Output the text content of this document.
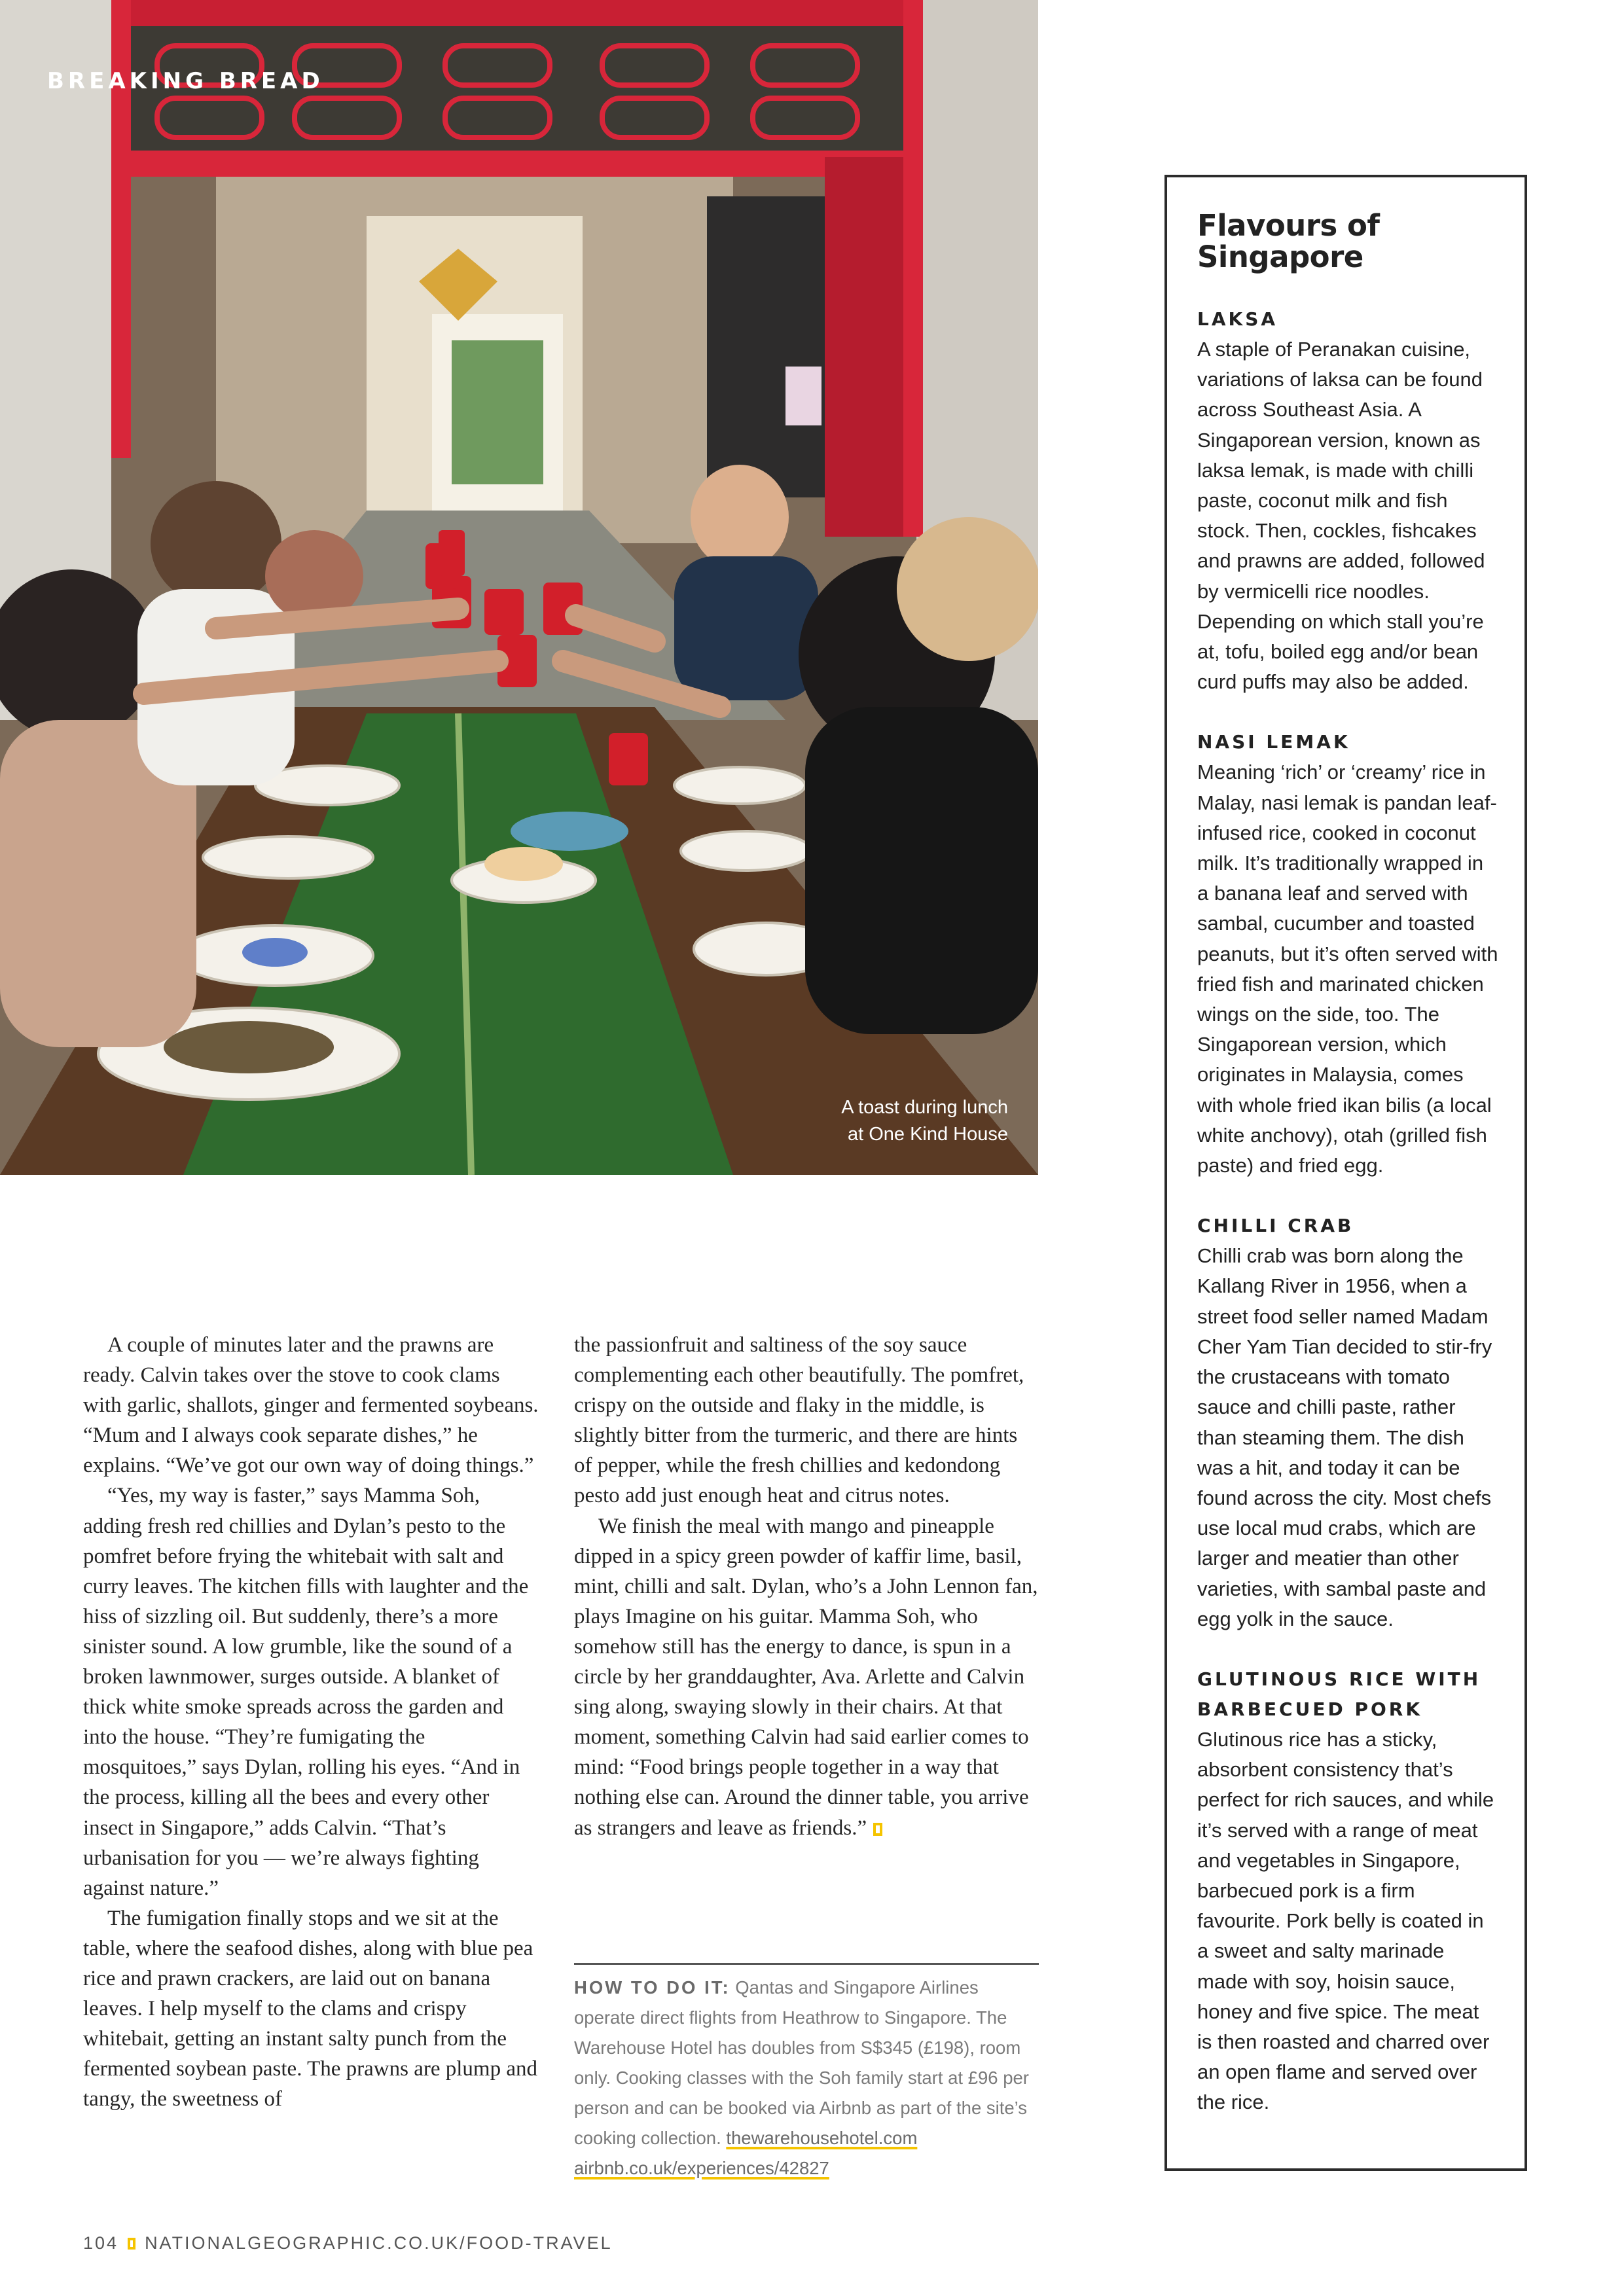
BREAKING BREAD
A toast during lunch
at One Kind House
Flavours of
Singapore
LAKSA

A staple of Peranakan cuisine, variations of laksa can be found across Southeast Asia. A Singaporean version, known as laksa lemak, is made with chilli paste, coconut milk and fish stock. Then, cockles, fishcakes and prawns are added, followed by vermicelli rice noodles. Depending on which stall you’re at, tofu, boiled egg and/or bean curd puffs may also be added.

NASI LEMAK

Meaning ‘rich’ or ‘creamy’ rice in Malay, nasi lemak is pandan leaf-infused rice, cooked in coconut milk. It’s traditionally wrapped in a banana leaf and served with sambal, cucumber and toasted peanuts, but it’s often served with fried fish and marinated chicken wings on the side, too. The Singaporean version, which originates in Malaysia, comes with whole fried ikan bilis (a local white anchovy), otah (grilled fish paste) and fried egg.

CHILLI CRAB

Chilli crab was born along the Kallang River in 1956, when a street food seller named Madam Cher Yam Tian decided to stir-fry the crustaceans with tomato sauce and chilli paste, rather than steaming them. The dish was a hit, and today it can be found across the city. Most chefs use local mud crabs, which are larger and meatier than other varieties, with sambal paste and egg yolk in the sauce.

GLUTINOUS RICE WITH BARBECUED PORK

Glutinous rice has a sticky, absorbent consistency that’s perfect for rich sauces, and while it’s served with a range of meat and vegetables in Singapore, barbecued pork is a firm favourite. Pork belly is coated in a sweet and salty marinade made with soy, hoisin sauce, honey and five spice. The meat is then roasted and charred over an open flame and served over the rice.

A couple of minutes later and the prawns are ready. Calvin takes over the stove to cook clams with garlic, shallots, ginger and fermented soybeans. “Mum and I always cook separate dishes,” he explains. “We’ve got our own way of doing things.”

“Yes, my way is faster,” says Mamma Soh, adding fresh red chillies and Dylan’s pesto to the pomfret before frying the whitebait with salt and curry leaves. The kitchen fills with laughter and the hiss of sizzling oil. But suddenly, there’s a more sinister sound. A low grumble, like the sound of a broken lawnmower, surges outside. A blanket of thick white smoke spreads across the garden and into the house. “They’re fumigating the mosquitoes,” says Dylan, rolling his eyes. “And in the process, killing all the bees and every other insect in Singapore,” adds Calvin. “That’s urbanisation for you — we’re always fighting against nature.”

The fumigation finally stops and we sit at the table, where the seafood dishes, along with blue pea rice and prawn crackers, are laid out on banana leaves. I help myself to the clams and crispy whitebait, getting an instant salty punch from the fermented soybean paste. The prawns are plump and tangy, the sweetness of

the passionfruit and saltiness of the soy sauce complementing each other beautifully. The pomfret, crispy on the outside and flaky in the middle, is slightly bitter from the turmeric, and there are hints of pepper, while the fresh chillies and kedondong pesto add just enough heat and citrus notes.

We finish the meal with mango and pineapple dipped in a spicy green powder of kaffir lime, basil, mint, chilli and salt. Dylan, who’s a John Lennon fan, plays Imagine on his guitar. Mamma Soh, who somehow still has the energy to dance, is spun in a circle by her granddaughter, Ava. Arlette and Calvin sing along, swaying slowly in their chairs. At that moment, something Calvin had said earlier comes to mind: “Food brings people together in a way that nothing else can. Around the dinner table, you arrive as strangers and leave as friends.”

HOW TO DO IT: Qantas and Singapore Airlines operate direct flights from Heathrow to Singapore. The Warehouse Hotel has doubles from S$345 (£198), room only. Cooking classes with the Soh family start at £96 per person and can be booked via Airbnb as part of the site’s cooking collection. thewarehousehotel.com airbnb.co.uk/experiences/42827
104 NATIONALGEOGRAPHIC.CO.UK/FOOD-TRAVEL
